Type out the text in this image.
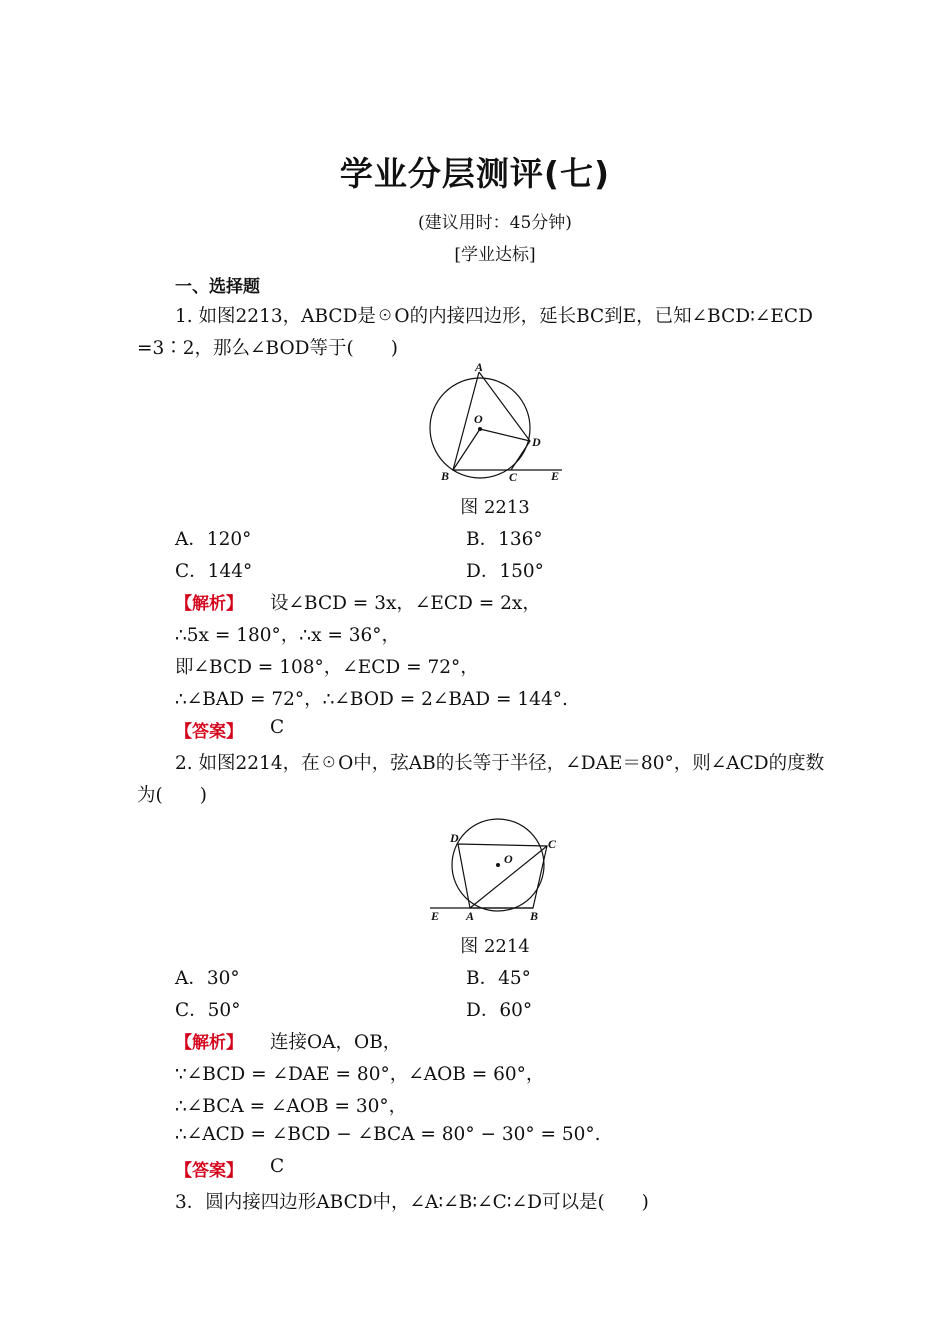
学业分层测评(七)
(建议用时：45分钟)
[学业达标]
一、选择题
1. 如图2213，ABCD是☉O的内接四边形，延长BC到E，已知∠BCD∶∠ECD
=3∶2，那么∠BOD等于(　　)
A
O
D
B	C	E
图 2213
A．120°	B．136°
C．144°	D．150°
【解析】 设∠BCD = 3x，∠ECD = 2x，
∴5x = 180°，∴x = 36°，
即∠BCD = 108°，∠ECD = 72°，
∴∠BAD = 72°，∴∠BOD = 2∠BAD = 144°.
【答案】 C
2. 如图2214，在☉O中，弦AB的长等于半径，∠DAE＝80°，则∠ACD的度数
为(　　)
D	C
O
E A	B
图 2214
A．30°	B．45°
C．50°	D．60°
【解析】 连接OA，OB，
∵∠BCD = ∠DAE = 80°，∠AOB = 60°，
∴∠BCA = ∠AOB = 30°，
∴∠ACD = ∠BCD − ∠BCA = 80° − 30° = 50°.
【答案】 C
3．圆内接四边形ABCD中，∠A∶∠B∶∠C∶∠D可以是(　　)
